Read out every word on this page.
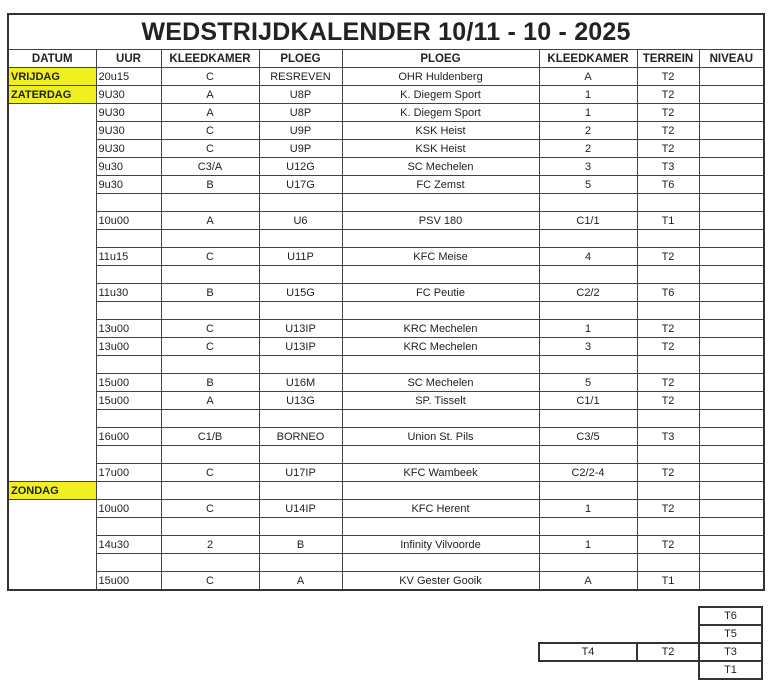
WEDSTRIJDKALENDER 10/11 - 10 - 2025							
DATUM	UUR	KLEEDKAMER	PLOEG	PLOEG	KLEEDKAMER	TERREIN	NIVEAU
VRIJDAG	20u15	C	RESREVEN	OHR Huldenberg	A	T2	
ZATERDAG	9U30	A	U8P	K. Diegem Sport	1	T2	
	9U30	A	U8P	K. Diegem Sport	1	T2	
	9U30	C	U9P	KSK Heist	2	T2	
	9U30	C	U9P	KSK Heist	2	T2	
	9u30	C3/A	U12G	SC Mechelen	3	T3	
	9u30	B	U17G	FC Zemst	5	T6	

	10u00	A	U6	PSV 180	C1/1	T1	

	11u15	C	U11P	KFC Meise	4	T2	

	11u30	B	U15G	FC Peutie	C2/2	T6	

	13u00	C	U13IP	KRC Mechelen	1	T2	
	13u00	C	U13IP	KRC Mechelen	3	T2	

	15u00	B	U16M	SC Mechelen	5	T2	
	15u00	A	U13G	SP. Tisselt	C1/1	T2	

	16u00	C1/B	BORNEO	Union St. Pils	C3/5	T3	

	17u00	C	U17IP	KFC Wambeek	C2/2-4	T2	
ZONDAG							
	10u00	C	U14IP	KFC Herent	1	T2	

	14u30	2	B	Infinity Vilvoorde	1	T2	

	15u00	C	A	KV Gester Gooik	A	T1	
T6
T5
T4	T2	T3
T1
